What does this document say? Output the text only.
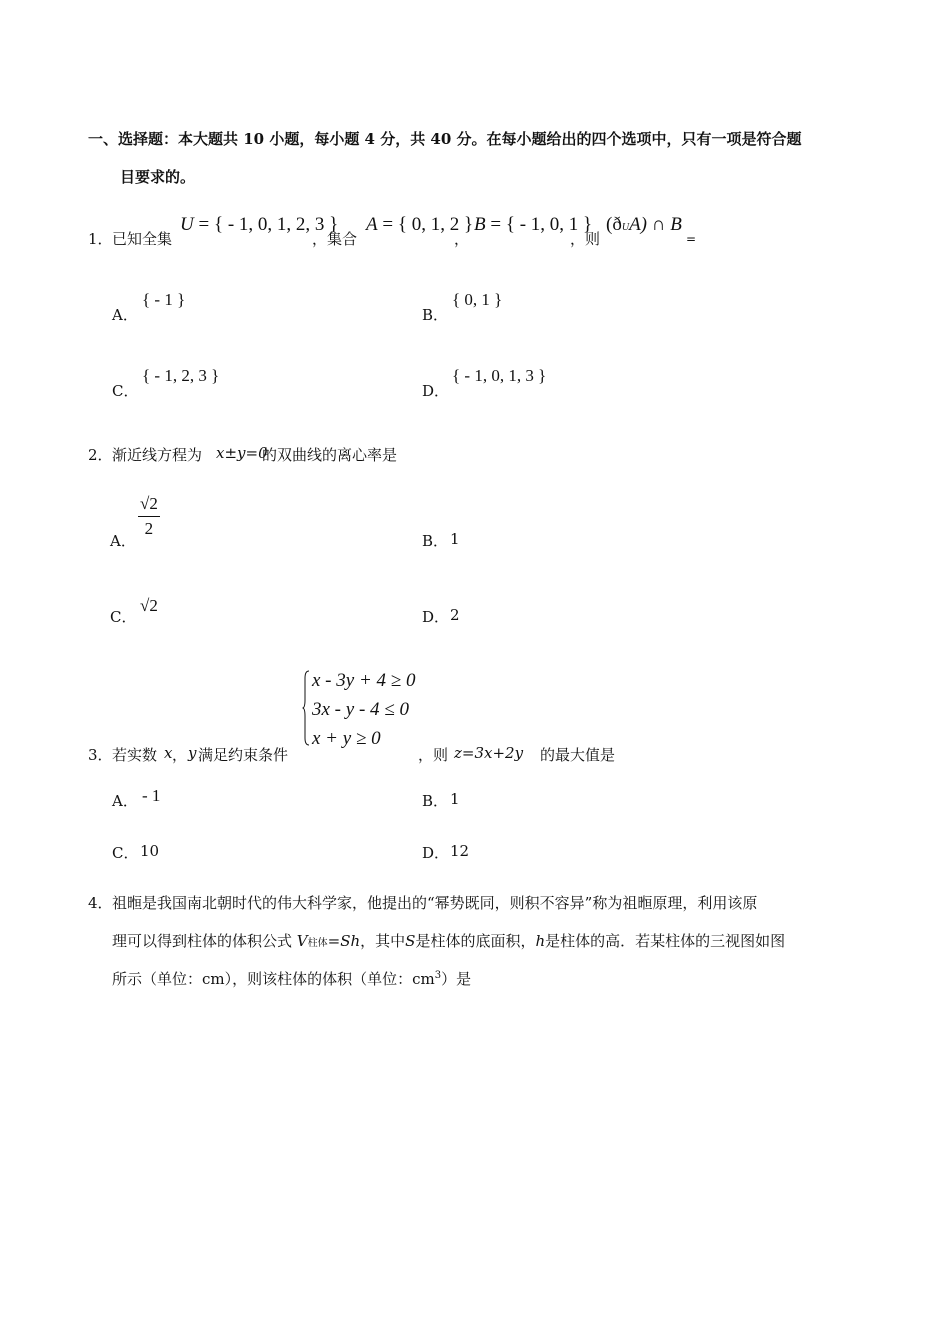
一、选择题：本大题共 10 小题，每小题 4 分，共 40 分。在每小题给出的四个选项中，只有一项是符合题
目要求的。
1． 已知全集
U = { - 1, 0, 1, 2, 3 }
，集合
A = { 0, 1, 2 }
，
B = { - 1, 0, 1 }
，则
(ðUA) ∩ B
=
A．
{ - 1 }
B．
{ 0, 1 }
C．
{ - 1, 2, 3 }
D．
{ - 1, 0, 1, 3 }
2． 渐近线方程为 x±y=0
的双曲线的离心率是
A．
$\frac{√2}{2}$
B． 1
C．
√2
D． 2
3． 若实数 x ， y 满足约束条件
x - 3y + 4 ≥ 0
3x - y - 4 ≤ 0
x + y ≥ 0
，则 z=3x+2y 的最大值是
A． - 1	B． 1
C． 10	D． 12
4． 祖暅是我国南北朝时代的伟大科学家，他提出的“幂势既同，则积不容异”称为祖暅原理，利用该原
理可以得到柱体的体积公式 V柱体=Sh，其中S是柱体的底面积，h是柱体的高．若某柱体的三视图如图
所示（单位：cm），则该柱体的体积（单位：$cm^3$）是
